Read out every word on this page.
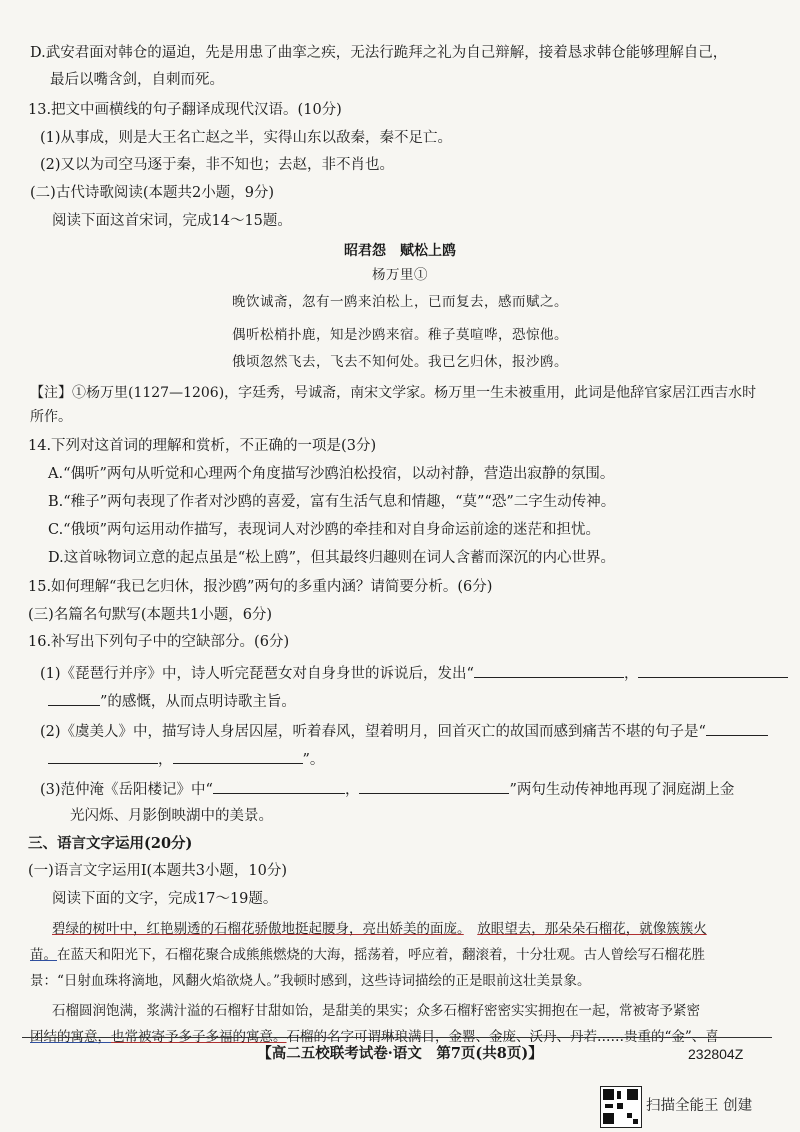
D.武安君面对韩仓的逼迫，先是用患了曲挛之疾，无法行跪拜之礼为自己辩解，接着恳求韩仓能够理解自己，
最后以嘴含剑，自刺而死。
13.把文中画横线的句子翻译成现代汉语。(10分)
(1)从事成，则是大王名亡赵之半，实得山东以敌秦，秦不足亡。
(2)又以为司空马逐于秦，非不知也；去赵，非不肖也。
(二)古代诗歌阅读(本题共2小题，9分)
阅读下面这首宋词，完成14～15题。
昭君怨　赋松上鸥
杨万里①
晚饮诚斋，忽有一鸥来泊松上，已而复去，感而赋之。
偶听松梢扑鹿，知是沙鸥来宿。稚子莫喧哗，恐惊他。
俄顷忽然飞去，飞去不知何处。我已乞归休，报沙鸥。
【注】①杨万里(1127—1206)，字廷秀，号诚斋，南宋文学家。杨万里一生未被重用，此词是他辞官家居江西吉水时
所作。
14.下列对这首词的理解和赏析，不正确的一项是(3分)
A.“偶听”两句从听觉和心理两个角度描写沙鸥泊松投宿，以动衬静，营造出寂静的氛围。
B.“稚子”两句表现了作者对沙鸥的喜爱，富有生活气息和情趣，“莫”“恐”二字生动传神。
C.“俄顷”两句运用动作描写，表现词人对沙鸥的牵挂和对自身命运前途的迷茫和担忧。
D.这首咏物词立意的起点虽是“松上鸥”，但其最终归趣则在词人含蓄而深沉的内心世界。
15.如何理解“我已乞归休，报沙鸥”两句的多重内涵？请简要分析。(6分)
(三)名篇名句默写(本题共1小题，6分)
16.补写出下列句子中的空缺部分。(6分)
(1)《琵琶行并序》中，诗人听完琵琶女对自身身世的诉说后，发出“	，
”的感慨，从而点明诗歌主旨。
(2)《虞美人》中，描写诗人身居囚屋，听着春风，望着明月，回首灭亡的故国而感到痛苦不堪的句子是“
，	”。
(3)范仲淹《岳阳楼记》中“	，	”两句生动传神地再现了洞庭湖上金
光闪烁、月影倒映湖中的美景。
三、语言文字运用(20分)
(一)语言文字运用Ⅰ(本题共3小题，10分)
阅读下面的文字，完成17～19题。
碧绿的树叶中，红艳剔透的石榴花骄傲地挺起腰身，亮出娇美的面庞。　 放眼望去，那朵朵石榴花，就像簇簇火
苗。在蓝天和阳光下，石榴花聚合成熊熊燃烧的大海，摇荡着，呼应着，翻滚着，十分壮观。古人曾绘写石榴花胜
景：“日射血珠将滴地，风翻火焰欲烧人。”我顿时感到，这些诗词描绘的正是眼前这壮美景象。
石榴圆润饱满，浆满汁溢的石榴籽甘甜如饴，是甜美的果实；众多石榴籽密密实实拥抱在一起，常被寄予紧密
团结的寓意，也常被寄予多子多福的寓意。石榴的名字可谓琳琅满目，金罂、金庞、沃丹、丹若……贵重的“金”、喜
【高二五校联考试卷·语文　第7页(共8页)】	232804Z
扫描全能王 创建
